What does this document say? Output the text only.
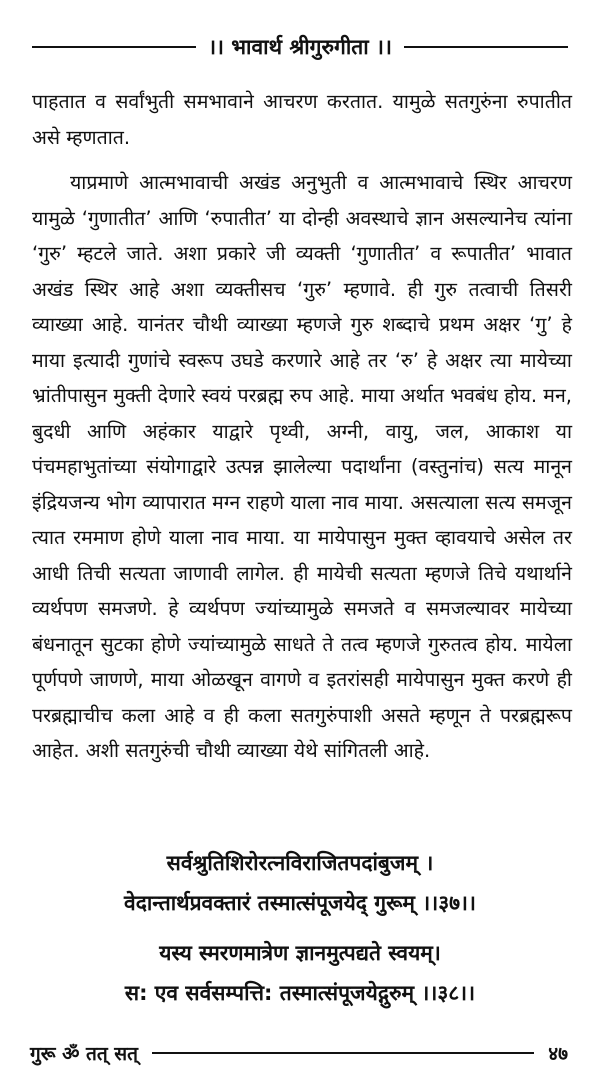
।। भावार्थ श्रीगुरुगीता ।।

पाहतात व सर्वांभुती समभावाने आचरण करतात. यामुळे सतगुरुंना रुपातीत असे म्हणतात.

याप्रमाणे आत्मभावाची अखंड अनुभुती व आत्मभावाचे स्थिर आचरण यामुळे ‘गुणातीत’ आणि ‘रुपातीत’ या दोन्ही अवस्थाचे ज्ञान असल्यानेच त्यांना ‘गुरु’ म्हटले जाते. अशा प्रकारे जी व्यक्ती ‘गुणातीत’ व रूपातीत’ भावात अखंड स्थिर आहे अशा व्यक्तीसच ‘गुरु’ म्हणावे. ही गुरु तत्वाची तिसरी व्याख्या आहे. यानंतर चौथी व्याख्या म्हणजे गुरु शब्दाचे प्रथम अक्षर ‘गु’ हे माया इत्यादी गुणांचे स्वरूप उघडे करणारे आहे तर ‘रु’ हे अक्षर त्या मायेच्या भ्रांतीपासुन मुक्ती देणारे स्वयं परब्रह्म रुप आहे. माया अर्थात भवबंध होय. मन, बुदधी आणि अहंकार याद्वारे पृथ्वी, अग्नी, वायु, जल, आकाश या पंचमहाभुतांच्या संयोगाद्वारे उत्पन्न झालेल्या पदार्थांना (वस्तुनांच) सत्य मानून इंद्रियजन्य भोग व्यापारात मग्न राहणे याला नाव माया. असत्याला सत्य समजून त्यात रममाण होणे याला नाव माया. या मायेपासुन मुक्त व्हावयाचे असेल तर आधी तिची सत्यता जाणावी लागेल. ही मायेची सत्यता म्हणजे तिचे यथार्थाने व्यर्थपण समजणे. हे व्यर्थपण ज्यांच्यामुळे समजते व समजल्यावर मायेच्या बंधनातून सुटका होणे ज्यांच्यामुळे साधते ते तत्व म्हणजे गुरुतत्व होय. मायेला पूर्णपणे जाणणे, माया ओळखून वागणे व इतरांसही मायेपासुन मुक्त करणे ही परब्रह्माचीच कला आहे व ही कला सतगुरुंपाशी असते म्हणून ते परब्रह्मरूप आहेत. अशी सतगुरुंची चौथी व्याख्या येथे सांगितली आहे.

सर्वश्रुतिशिरोरत्नविराजितपदांबुजम् ।

वेदान्तार्थप्रवक्तारं तस्मात्संपूजयेद् गुरूम् ।।३७।।

यस्य स्मरणमात्रेण ज्ञानमुत्पद्यते स्वयम्।

स: एव सर्वसम्पत्ति: तस्मात्संपूजयेद्गुरुम् ।।३८।।

गुरू ॐ तत् सत्	४७
